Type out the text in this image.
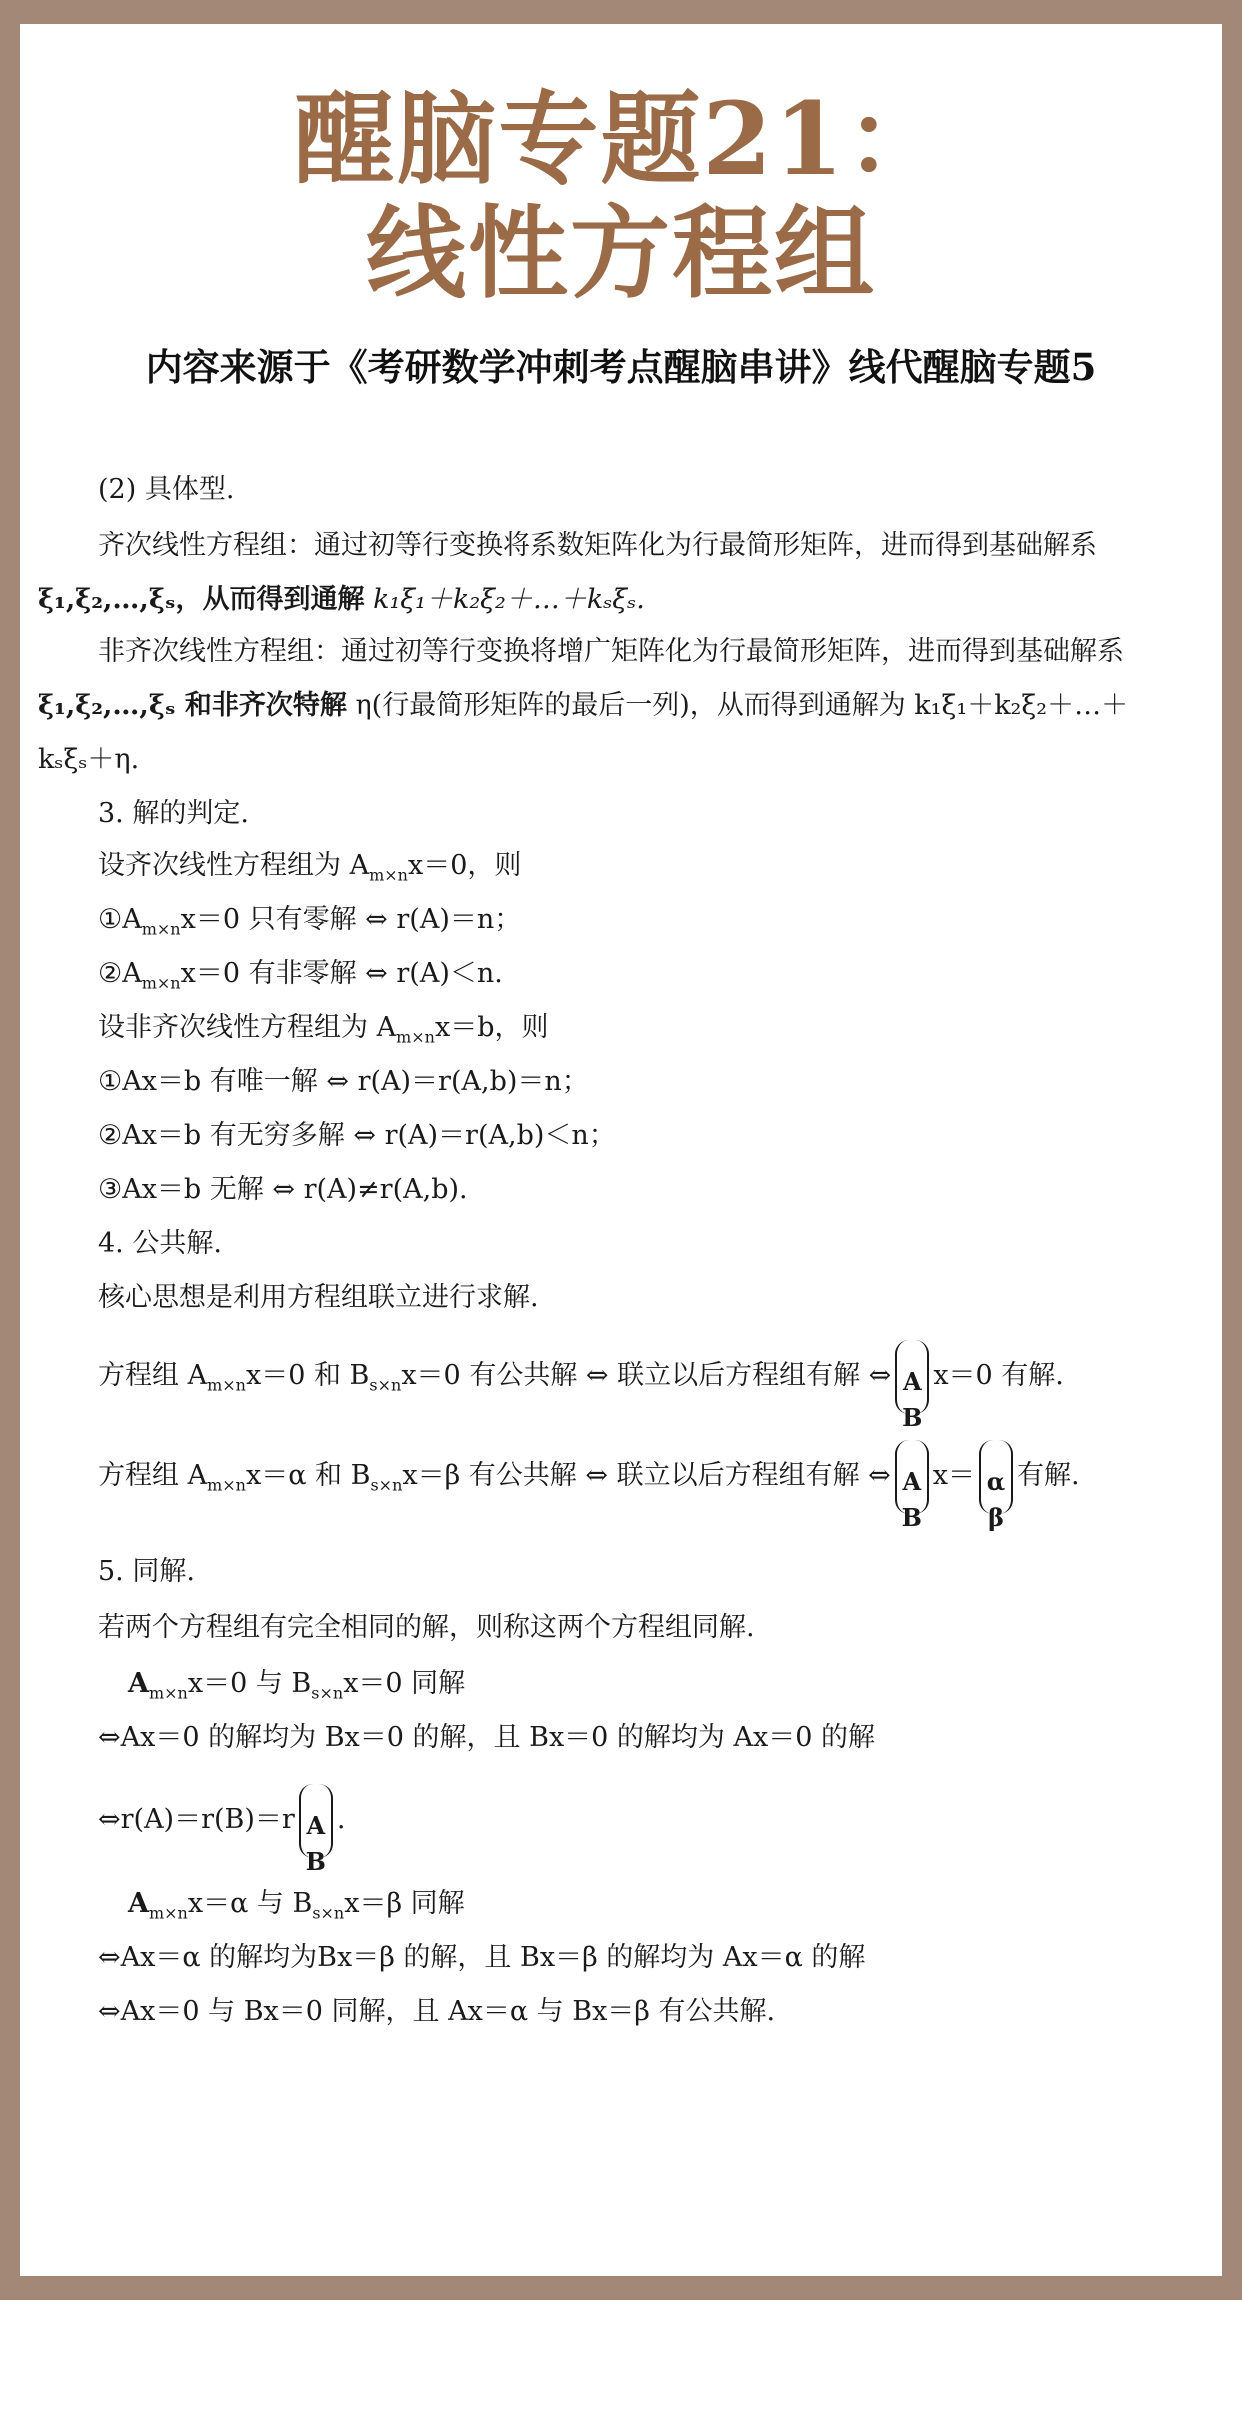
醒脑专题21：
线性方程组
内容来源于《考研数学冲刺考点醒脑串讲》线代醒脑专题5
(2) 具体型.
齐次线性方程组：通过初等行变换将系数矩阵化为行最简形矩阵，进而得到基础解系
ξ₁,ξ₂,…,ξₛ，从而得到通解 k₁ξ₁＋k₂ξ₂＋…＋kₛξₛ.
非齐次线性方程组：通过初等行变换将增广矩阵化为行最简形矩阵，进而得到基础解系
ξ₁,ξ₂,…,ξₛ 和非齐次特解 η(行最简形矩阵的最后一列)，从而得到通解为 k₁ξ₁＋k₂ξ₂＋…＋
kₛξₛ＋η.
3. 解的判定.
设齐次线性方程组为 $A_{m\times n}x=0$，则
$①A_{m\times n}x=0$ 只有零解 ⇔ r(A)＝n；
$②A_{m\times n}x=0$ 有非零解 ⇔ r(A)＜n.
设非齐次线性方程组为 $A_{m\times n}x=b$，则
①Ax＝b 有唯一解 ⇔ r(A)＝r(A,b)＝n；
②Ax＝b 有无穷多解 ⇔ r(A)＝r(A,b)＜n；
③Ax＝b 无解 ⇔ r(A)≠r(A,b).
4. 公共解.
核心思想是利用方程组联立进行求解.
方程组 $A_{m\times n}x=0$ 和 $B_{s\times n}x=0$ 有公共解 ⇔ 联立以后方程组有解 ⇔ A
B
x＝0 有解.
方程组 $A_{m\times n}x=\alpha$ 和 $B_{s\times n}x=\beta$ 有公共解 ⇔ 联立以后方程组有解 ⇔ A
B
x＝ α
β
有解.
5. 同解.
若两个方程组有完全相同的解，则称这两个方程组同解.
$A_{m\times n}x=0$ 与 $B_{s\times n}x=0$ 同解
⇔Ax＝0 的解均为 Bx＝0 的解，且 Bx＝0 的解均为 Ax＝0 的解
⇔r(A)＝r(B)＝r A
B
.
$A_{m\times n}x=\alpha$ 与 $B_{s\times n}x=\beta$ 同解
⇔Ax＝α 的解均为Bx＝β 的解，且 Bx＝β 的解均为 Ax＝α 的解
⇔Ax＝0 与 Bx＝0 同解，且 Ax＝α 与 Bx＝β 有公共解.
